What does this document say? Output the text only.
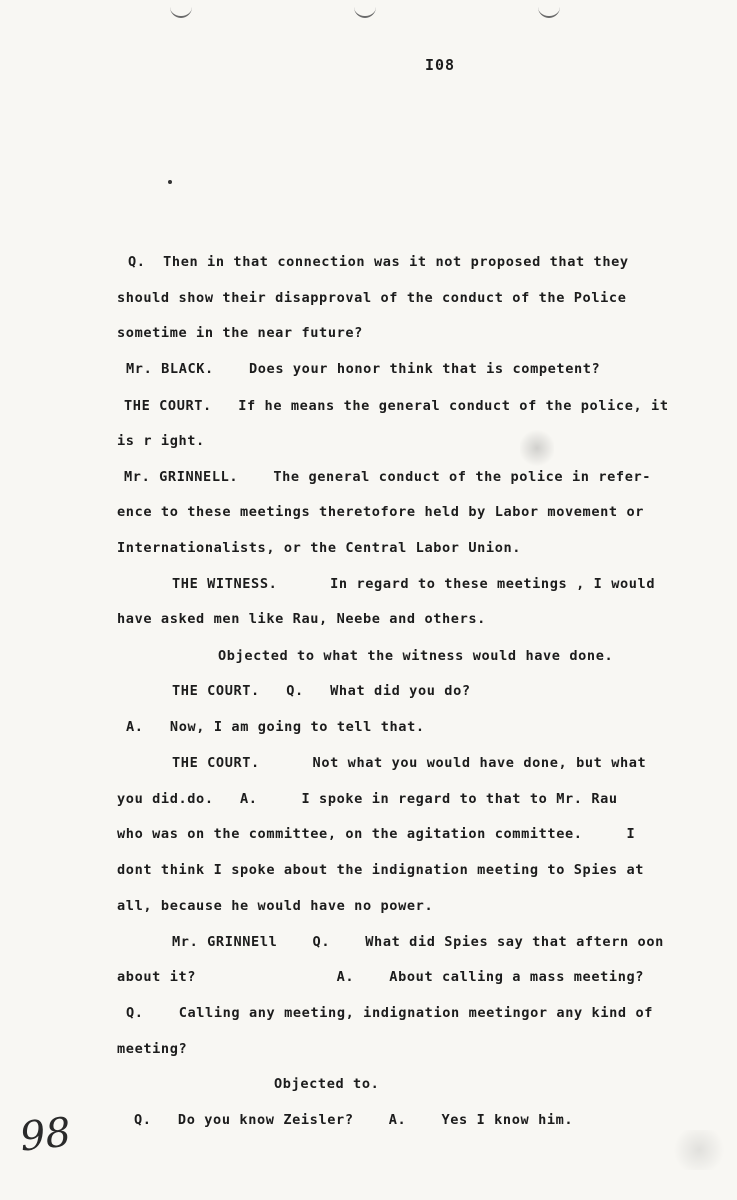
I08
Q.  Then in that connection was it not proposed that they
should show their disapproval of the conduct of the Police
sometime in the near future?
Mr. BLACK.    Does your honor think that is competent?
THE COURT.   If he means the general conduct of the police, it
is r ight.
Mr. GRINNELL.    The general conduct of the police in refer-
ence to these meetings theretofore held by Labor movement or
Internationalists, or the Central Labor Union.
THE WITNESS.      In regard to these meetings , I would
have asked men like Rau, Neebe and others.
Objected to what the witness would have done.
THE COURT.   Q.   What did you do?
A.   Now, I am going to tell that.
THE COURT.      Not what you would have done, but what
you did.do.   A.     I spoke in regard to that to Mr. Rau
who was on the committee, on the agitation committee.     I
dont think I spoke about the indignation meeting to Spies at
all, because he would have no power.
Mr. GRINNEll    Q.    What did Spies say that aftern oon
about it?                A.    About calling a mass meeting?
Q.    Calling any meeting, indignation meetingor any kind of
meeting?
Objected to.
Q.   Do you know Zeisler?    A.    Yes I know him.
98
